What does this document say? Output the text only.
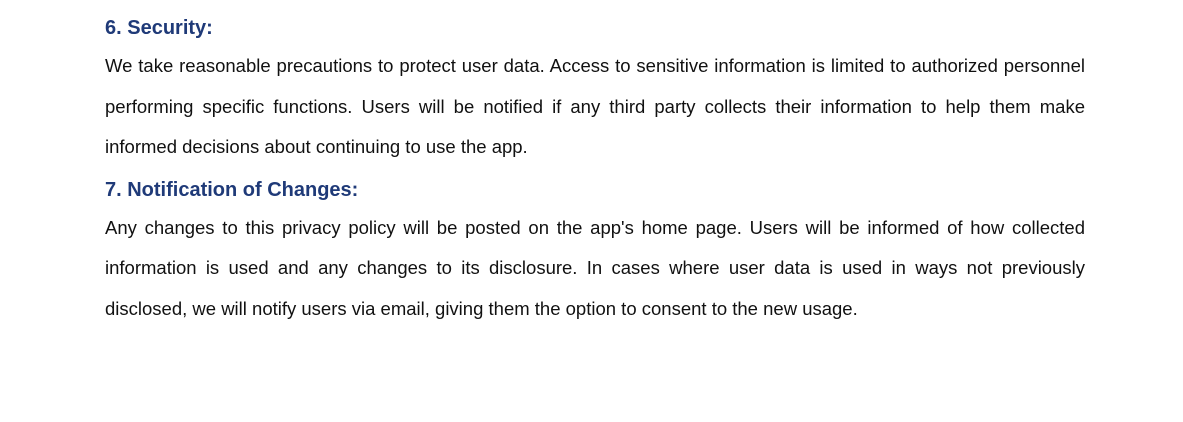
6. Security:

We take reasonable precautions to protect user data. Access to sensitive information is limited to authorized personnel performing specific functions. Users will be notified if any third party collects their information to help them make informed decisions about continuing to use the app.

7. Notification of Changes:

Any changes to this privacy policy will be posted on the app's home page. Users will be informed of how collected information is used and any changes to its disclosure. In cases where user data is used in ways not previously disclosed, we will notify users via email, giving them the option to consent to the new usage.
